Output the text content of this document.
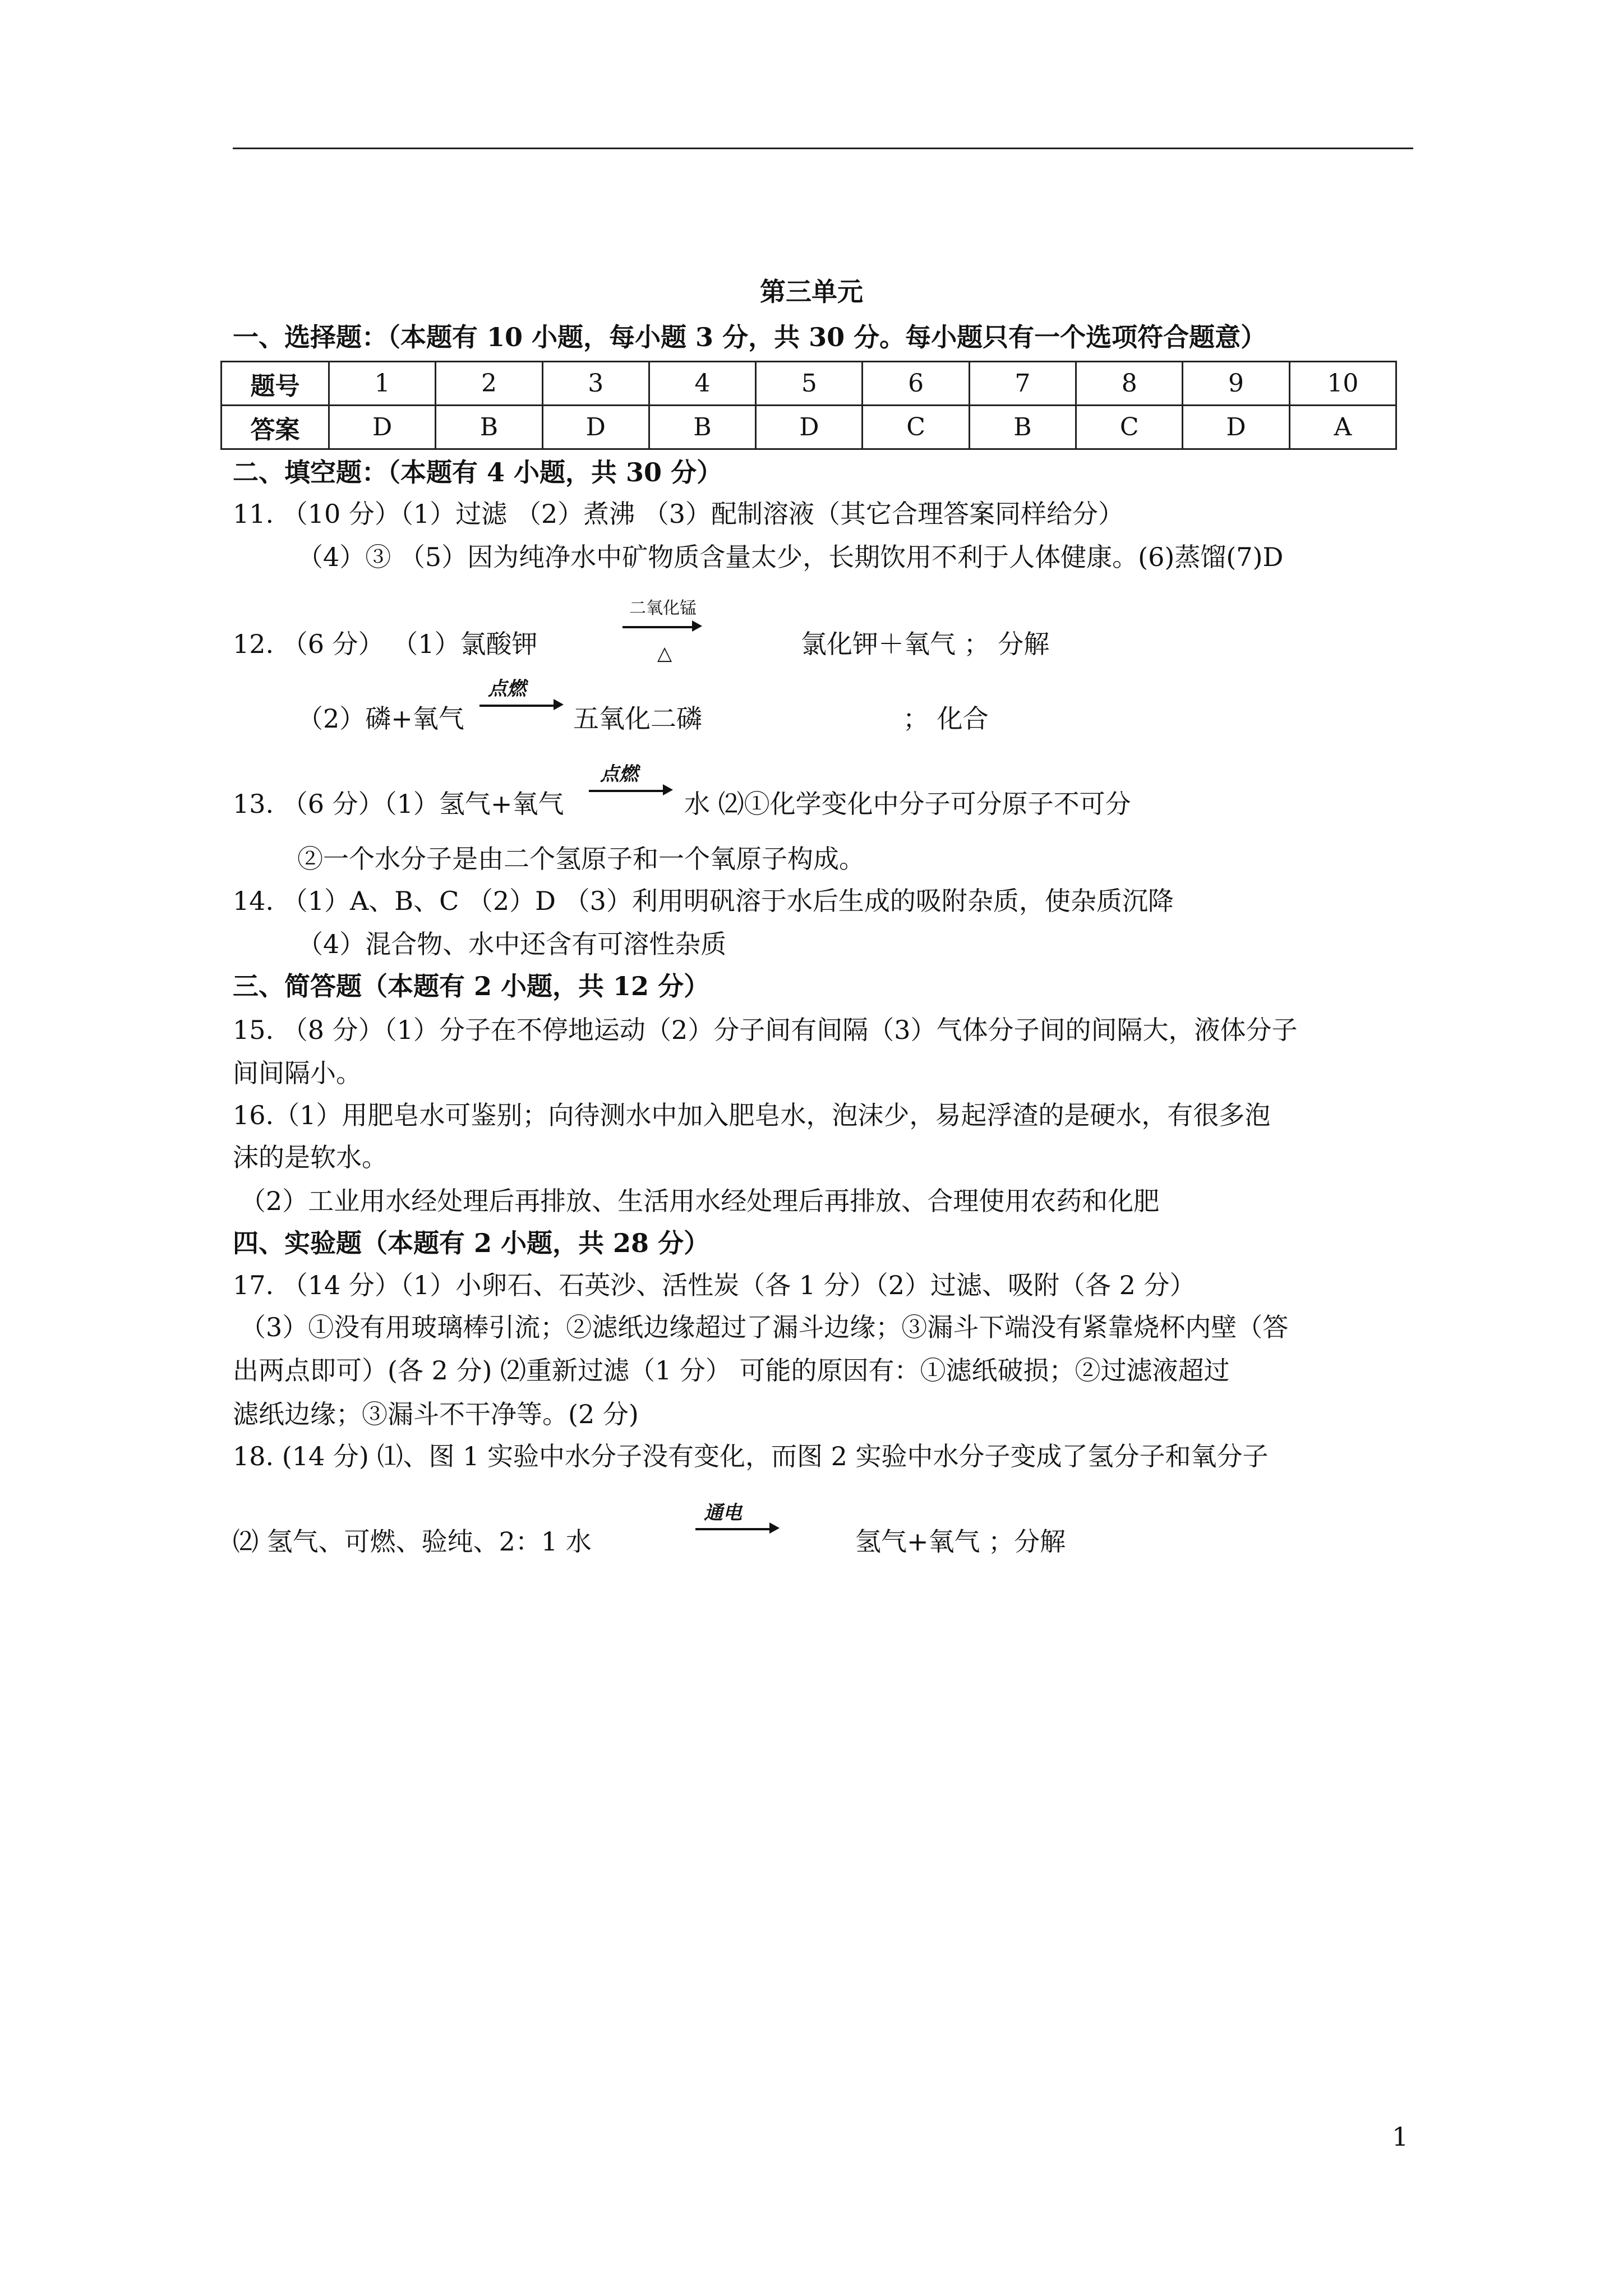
第三单元
一、选择题：（本题有 10 小题，每小题 3 分，共 30 分。每小题只有一个选项符合题意）
题号	1	2	3	4	5	6	7	8	9	10
答案	D	B	D	B	D	C	B	C	D	A
二、填空题：（本题有 4 小题，共 30 分）
11. （10 分）（1）过滤 （2）煮沸 （3）配制溶液（其它合理答案同样给分）
（4）③ （5）因为纯净水中矿物质含量太少，长期饮用不利于人体健康。(6)蒸馏(7)D
12. （6 分） （1）氯酸钾
二氧化锰
△	氯化钾＋氧气 ； 分解
（2）磷+氧气
点燃
五氧化二磷	； 化合
13. （6 分）（1）氢气+氧气
点燃
水 ⑵①化学变化中分子可分原子不可分
②一个水分子是由二个氢原子和一个氧原子构成。
14. （1）A、B、C （2）D （3）利用明矾溶于水后生成的吸附杂质，使杂质沉降
（4）混合物、水中还含有可溶性杂质
三、简答题（本题有 2 小题，共 12 分）
15. （8 分）（1）分子在不停地运动（2）分子间有间隔（3）气体分子间的间隔大，液体分子
间间隔小。
16.（1）用肥皂水可鉴别；向待测水中加入肥皂水，泡沫少，易起浮渣的是硬水，有很多泡
沫的是软水。
（2）工业用水经处理后再排放、生活用水经处理后再排放、合理使用农药和化肥
四、实验题（本题有 2 小题，共 28 分）
17. （14 分）（1）小卵石、石英沙、活性炭（各 1 分）（2）过滤、吸附（各 2 分）
（3）①没有用玻璃棒引流；②滤纸边缘超过了漏斗边缘；③漏斗下端没有紧靠烧杯内壁（答
出两点即可）(各 2 分) ⑵重新过滤（1 分） 可能的原因有：①滤纸破损；②过滤液超过
滤纸边缘；③漏斗不干净等。(2 分)
18. (14 分) ⑴、图 1 实验中水分子没有变化，而图 2 实验中水分子变成了氢分子和氧分子
⑵ 氢气、可燃、验纯、2：1 水
通电
氢气+氧气 ；分解
1
